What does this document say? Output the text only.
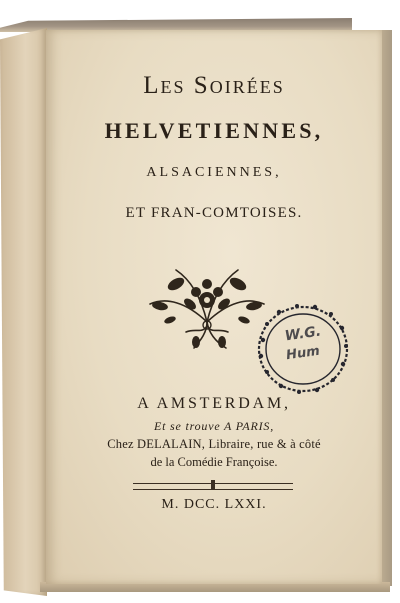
Les Soirées
HELVETIENNES,
ALSACIENNES,
ET FRAN-COMTOISES.
W.G.
Hum
A AMSTERDAM,
Et se trouve A PARIS,
Chez DELALAIN, Libraire, rue & à côté
de la Comédie Françoise.
M. DCC. LXXI.
